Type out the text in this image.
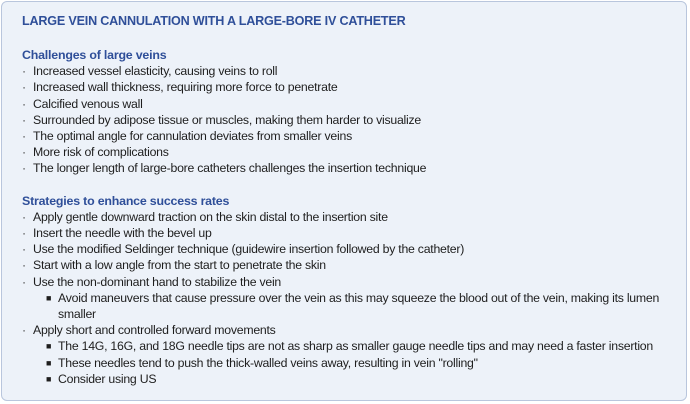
LARGE VEIN CANNULATION WITH A LARGE-BORE IV CATHETER
Challenges of large veins
· Increased vessel elasticity, causing veins to roll
· Increased wall thickness, requiring more force to penetrate
· Calcified venous wall
· Surrounded by adipose tissue or muscles, making them harder to visualize
· The optimal angle for cannulation deviates from smaller veins
· More risk of complications
· The longer length of large-bore catheters challenges the insertion technique
Strategies to enhance success rates
· Apply gentle downward traction on the skin distal to the insertion site
· Insert the needle with the bevel up
· Use the modified Seldinger technique (guidewire insertion followed by the catheter)
· Start with a low angle from the start to penetrate the skin
· Use the non-dominant hand to stabilize the vein
■ Avoid maneuvers that cause pressure over the vein as this may squeeze the blood out of the vein, making its lumen smaller
· Apply short and controlled forward movements
■ The 14G, 16G, and 18G needle tips are not as sharp as smaller gauge needle tips and may need a faster insertion
■ These needles tend to push the thick-walled veins away, resulting in vein "rolling"
■ Consider using US
